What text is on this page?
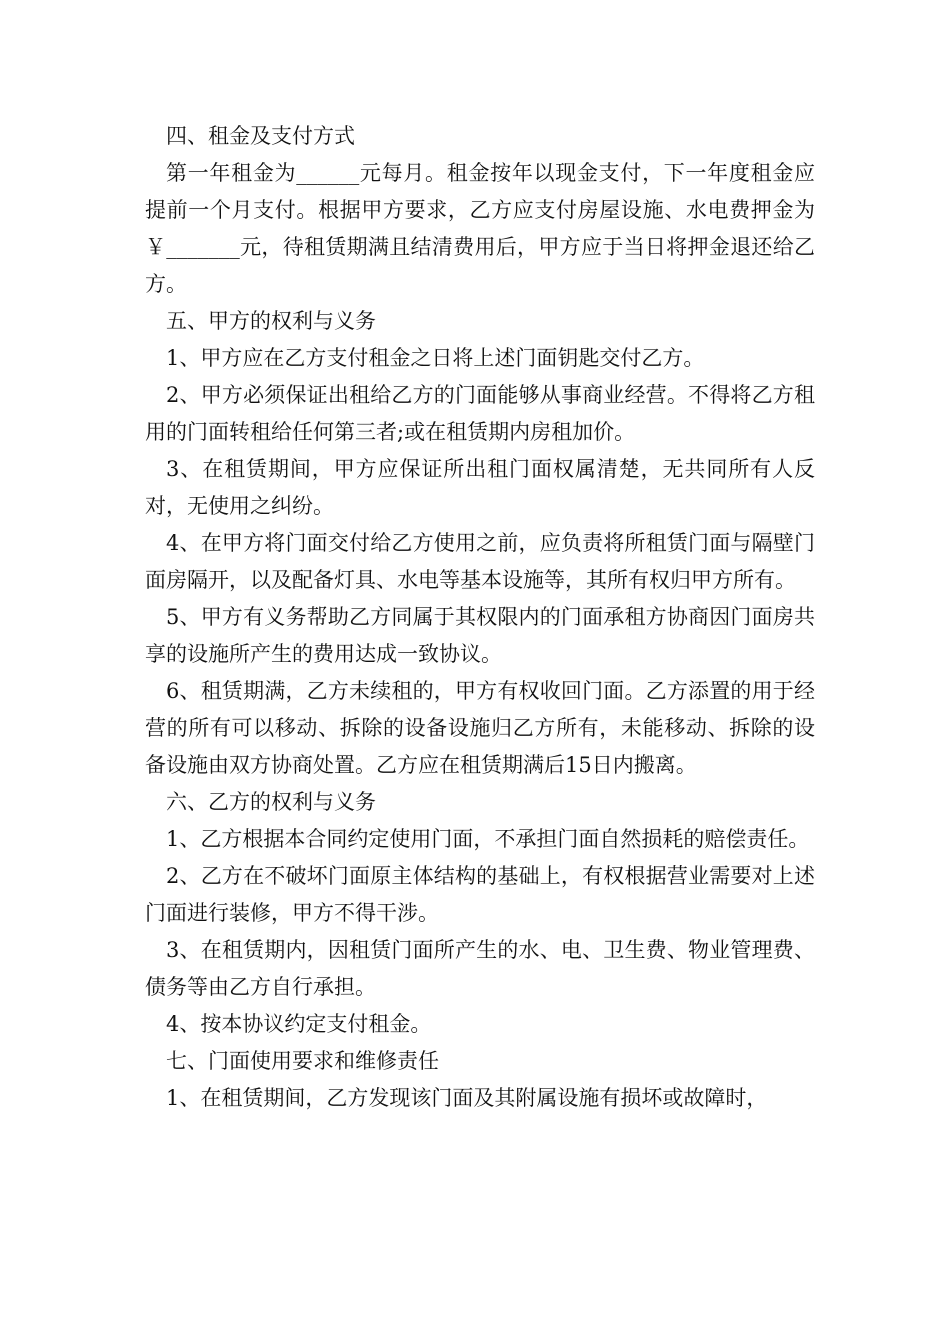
四、租金及支付方式

第一年租金为______元每月。租金按年以现金支付，下一年度租金应提前一个月支付。根据甲方要求，乙方应支付房屋设施、水电费押金为￥_______元，待租赁期满且结清费用后，甲方应于当日将押金退还给乙方。

五、甲方的权利与义务

1、甲方应在乙方支付租金之日将上述门面钥匙交付乙方。

2、甲方必须保证出租给乙方的门面能够从事商业经营。不得将乙方租用的门面转租给任何第三者;或在租赁期内房租加价。

3、在租赁期间，甲方应保证所出租门面权属清楚，无共同所有人反对，无使用之纠纷。

4、在甲方将门面交付给乙方使用之前，应负责将所租赁门面与隔壁门面房隔开，以及配备灯具、水电等基本设施等，其所有权归甲方所有。

5、甲方有义务帮助乙方同属于其权限内的门面承租方协商因门面房共享的设施所产生的费用达成一致协议。

6、租赁期满，乙方未续租的，甲方有权收回门面。乙方添置的用于经营的所有可以移动、拆除的设备设施归乙方所有，未能移动、拆除的设备设施由双方协商处置。乙方应在租赁期满后15日内搬离。

六、乙方的权利与义务

1、乙方根据本合同约定使用门面，不承担门面自然损耗的赔偿责任。

2、乙方在不破坏门面原主体结构的基础上，有权根据营业需要对上述门面进行装修，甲方不得干涉。

3、在租赁期内，因租赁门面所产生的水、电、卫生费、物业管理费、债务等由乙方自行承担。

4、按本协议约定支付租金。

七、门面使用要求和维修责任

1、在租赁期间，乙方发现该门面及其附属设施有损坏或故障时，
